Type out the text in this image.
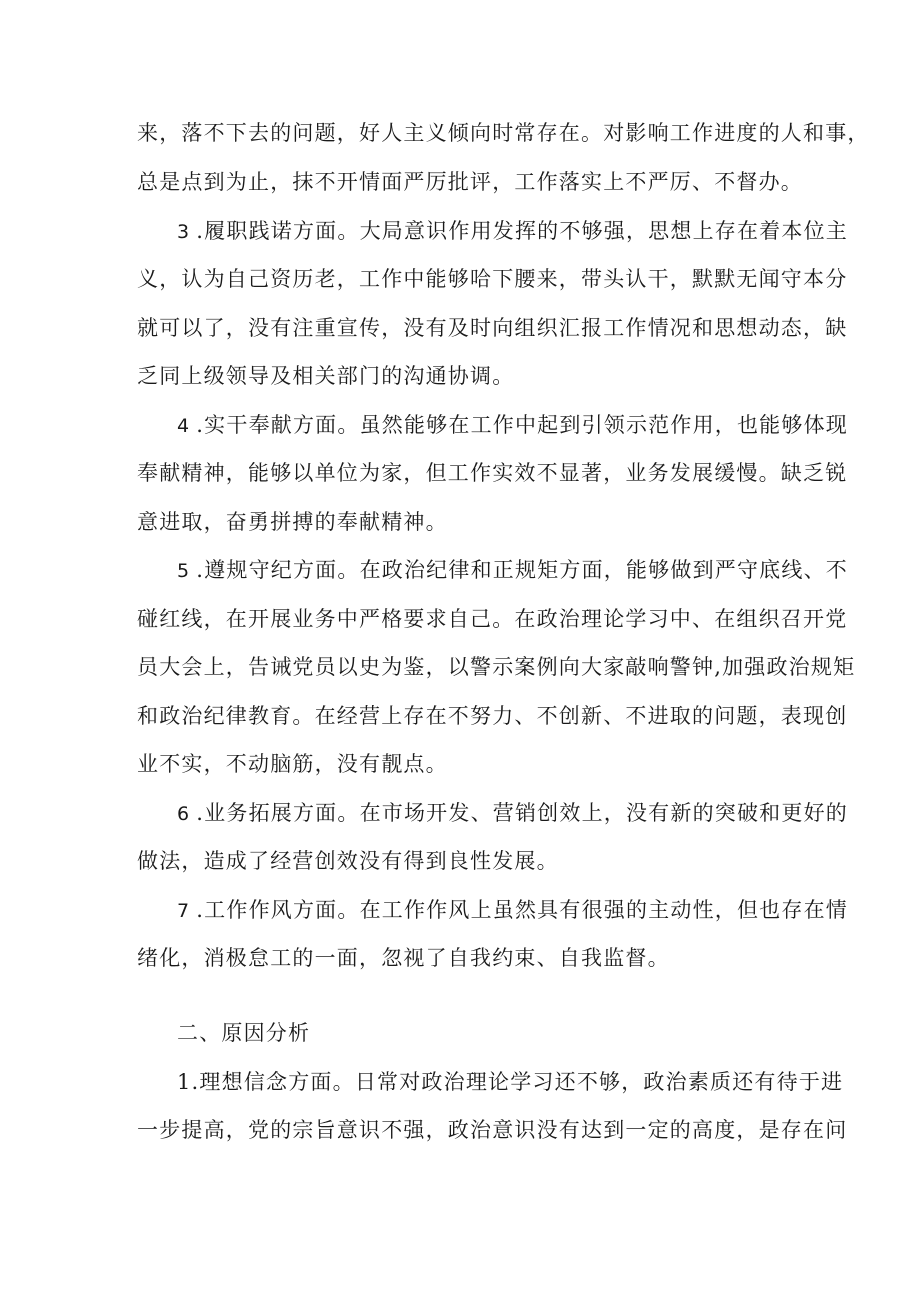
来，落不下去的问题，好人主义倾向时常存在。对影响工作进度的人和事，
总是点到为止，抹不开情面严厉批评，工作落实上不严厉、不督办。
3 .履职践诺方面。大局意识作用发挥的不够强，思想上存在着本位主
义，认为自己资历老，工作中能够哈下腰来，带头认干，默默无闻守本分
就可以了，没有注重宣传，没有及时向组织汇报工作情况和思想动态，缺
乏同上级领导及相关部门的沟通协调。
4 .实干奉献方面。虽然能够在工作中起到引领示范作用，也能够体现
奉献精神，能够以单位为家，但工作实效不显著，业务发展缓慢。缺乏锐
意进取，奋勇拼搏的奉献精神。
5 .遵规守纪方面。在政治纪律和正规矩方面，能够做到严守底线、不
碰红线，在开展业务中严格要求自己。在政治理论学习中、在组织召开党
员大会上，告诫党员以史为鉴，以警示案例向大家敲响警钟,加强政治规矩
和政治纪律教育。在经营上存在不努力、不创新、不进取的问题，表现创
业不实，不动脑筋，没有靓点。
6 .业务拓展方面。在市场开发、营销创效上，没有新的突破和更好的
做法，造成了经营创效没有得到良性发展。
7 .工作作风方面。在工作作风上虽然具有很强的主动性，但也存在情
绪化，消极怠工的一面，忽视了自我约束、自我监督。
二、原因分析
1.理想信念方面。日常对政治理论学习还不够，政治素质还有待于进
一步提高，党的宗旨意识不强，政治意识没有达到一定的高度，是存在问
